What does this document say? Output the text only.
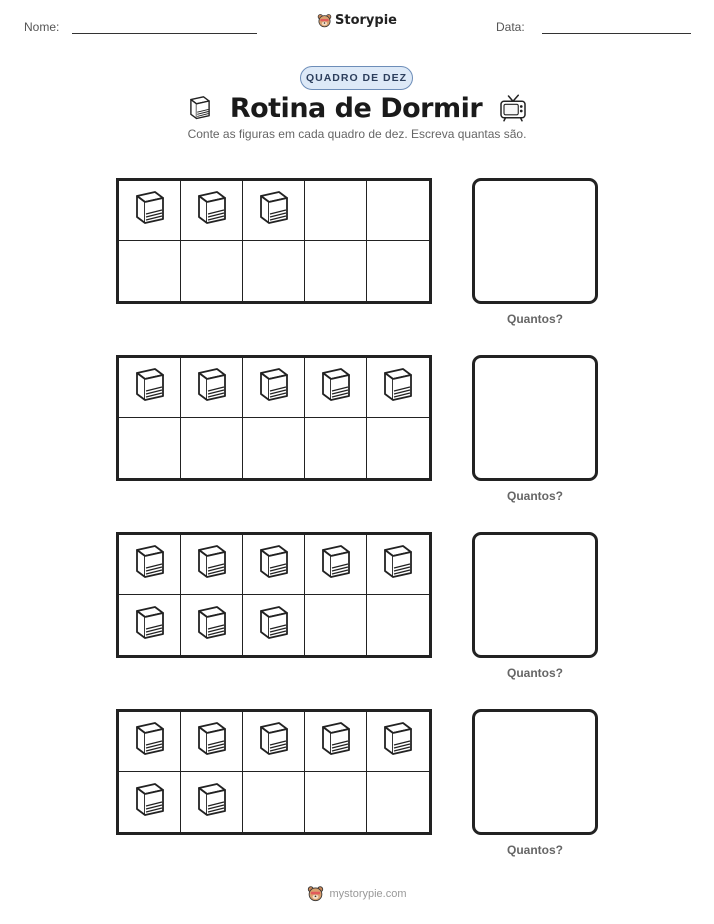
Nome:	Storypie	Data:
QUADRO DE DEZ
Rotina de Dormir
Conte as figuras em cada quadro de dez. Escreva quantas são.
Quantos?
Quantos?
Quantos?
Quantos?
mystorypie.com
